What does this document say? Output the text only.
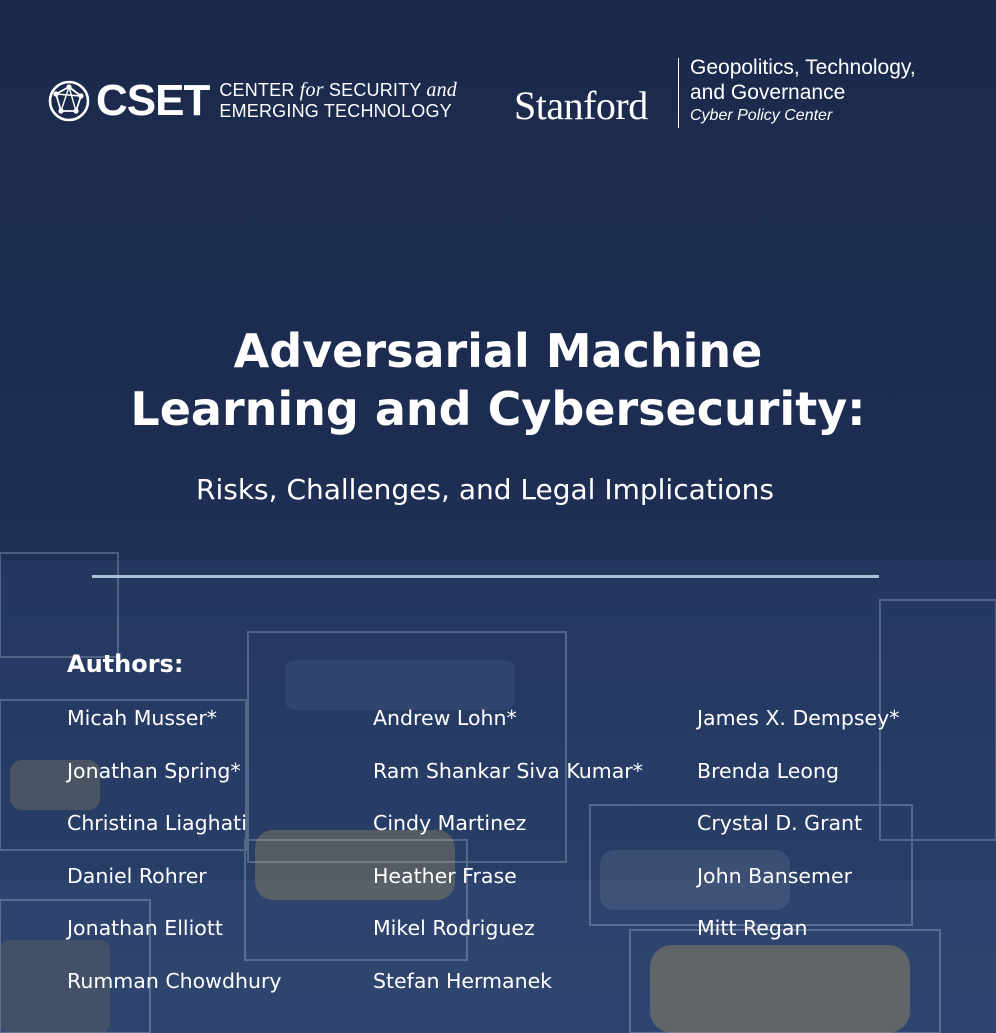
CSET CENTER for SECURITY and
EMERGING TECHNOLOGY Stanford
Geopolitics, Technology,
and Governance
Cyber Policy Center
Adversarial Machine
Learning and Cybersecurity:
Risks, Challenges, and Legal Implications
Authors:
Micah Musser*
Jonathan Spring*
Christina Liaghati
Daniel Rohrer
Jonathan Elliott
Rumman Chowdhury
Andrew Lohn*
Ram Shankar Siva Kumar*
Cindy Martinez
Heather Frase
Mikel Rodriguez
Stefan Hermanek
James X. Dempsey*
Brenda Leong
Crystal D. Grant
John Bansemer
Mitt Regan
